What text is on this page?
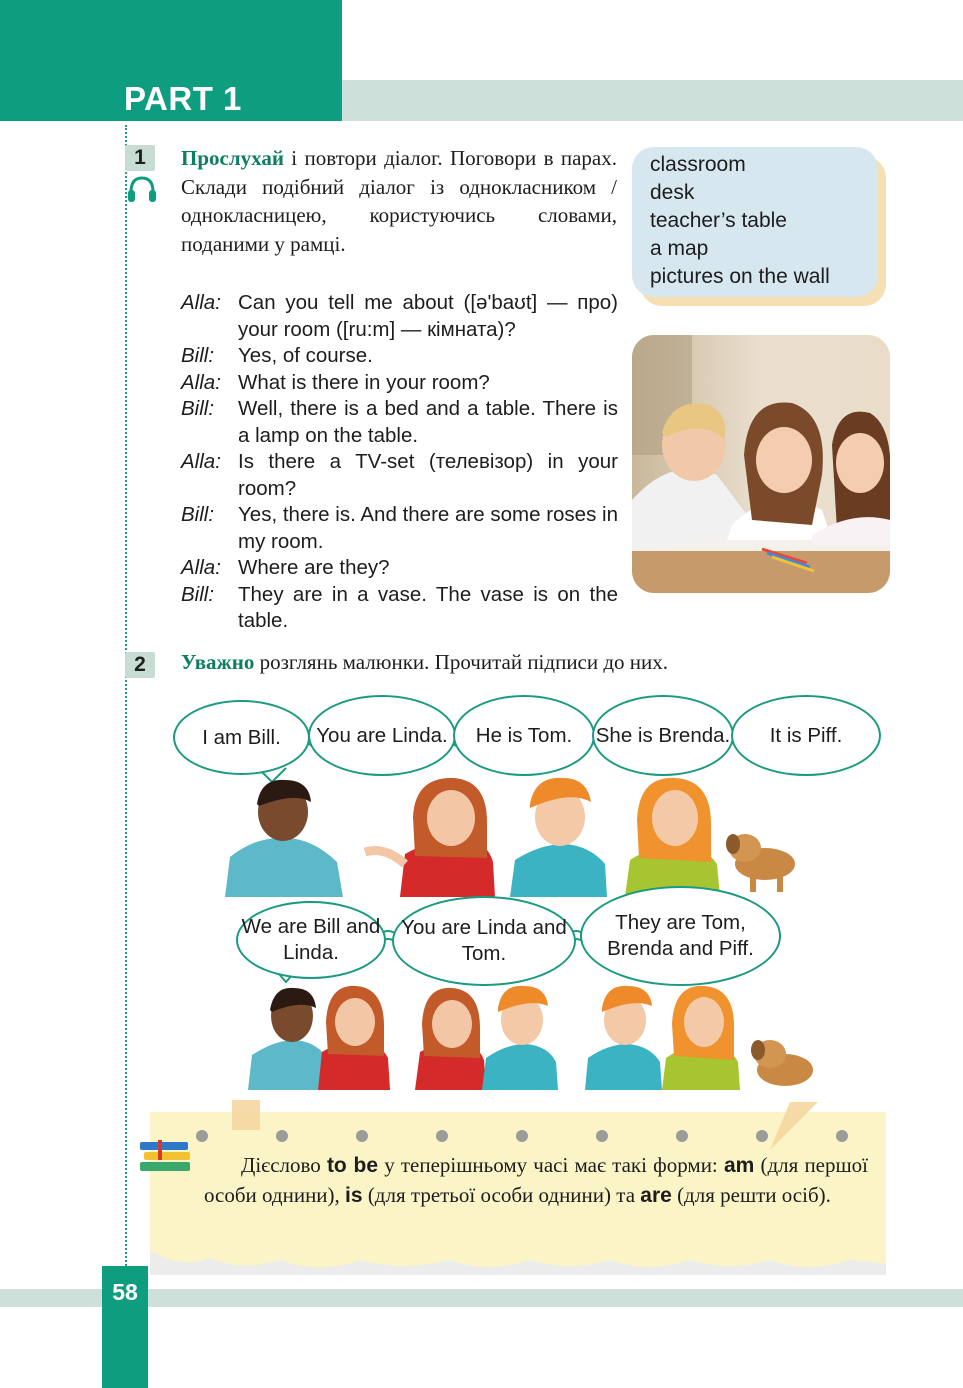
PART 1
1	Прослухай і повтори діалог. Поговори в парах. Склади подібний діалог із однокласником / однокласницею, користуючись словами, поданими у рамці.
Alla: Can you tell me about ([ə'baʊt] — про) your room ([ru:m] — кімната)?
Bill:	Yes, of course.
Alla: What is there in your room?
Bill:	Well, there is a bed and a table. There is a lamp on the table.
Alla: Is there a TV-set (телевізор) in your room?
Bill:	Yes, there is. And there are some roses in my room.
Alla: Where are they?
Bill:	They are in a vase. The vase is on the table.
classroom
desk
teacher’s table
a map
pictures on the wall
2	Уважно розглянь малюнки. Прочитай підписи до них.
I am Bill.	You are Linda.	He is Tom.	She is Brenda.	It is Piff.
We are Bill and Linda.
You are Linda and Tom.
They are Tom, Brenda and Piff.
Дієслово to be у теперішньому часі має такі форми: am (для першої особи однини), is (для третьої особи однини) та are (для решти осіб).
58
